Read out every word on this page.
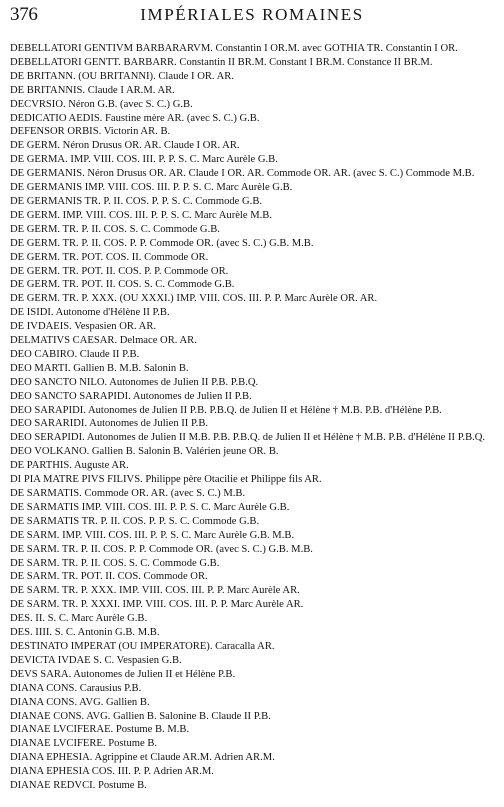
376	IMPÉRIALES ROMAINES

DEBELLATORI GENTIVM BARBARARVM. Constantin I OR.M. avec GOTHIA TR. Constantin I OR.

DEBELLATORI GENTT. BARBARR. Constantin II BR.M. Constant I BR.M. Constance II BR.M.

DE BRITANN. (OU BRITANNI). Claude I OR. AR.

DE BRITANNIS. Claude I AR.M. AR.

DECVRSIO. Néron G.B. (avec S. C.) G.B.

DEDICATIO AEDIS. Faustine mère AR. (avec S. C.) G.B.

DEFENSOR ORBIS. Victorin AR. B.

DE GERM. Néron Drusus OR. AR. Claude I OR. AR.

DE GERMA. IMP. VIII. COS. III. P. P. S. C. Marc Aurèle G.B.

DE GERMANIS. Néron Drusus OR. AR. Claude I OR. AR. Commode OR. AR. (avec S. C.) Commode M.B.

DE GERMANIS IMP. VIII. COS. III. P. P. S. C. Marc Aurèle G.B.

DE GERMANIS TR. P. II. COS. P. P. S. C. Commode G.B.

DE GERM. IMP. VIII. COS. III. P. P. S. C. Marc Aurèle M.B.

DE GERM. TR. P. II. COS. S. C. Commode G.B.

DE GERM. TR. P. II. COS. P. P. Commode OR. (avec S. C.) G.B. M.B.

DE GERM. TR. POT. COS. II. Commode OR.

DE GERM. TR. POT. II. COS. P. P. Commode OR.

DE GERM. TR. POT. II. COS. S. C. Commode G.B.

DE GERM. TR. P. XXX. (OU XXXI.) IMP. VIII. COS. III. P. P. Marc Aurèle OR. AR.

DE ISIDI. Autonome d'Hélène II P.B.

DE IVDAEIS. Vespasien OR. AR.

DELMATIVS CAESAR. Delmace OR. AR.

DEO CABIRO. Claude II P.B.

DEO MARTI. Gallien B. M.B. Salonin B.

DEO SANCTO NILO. Autonomes de Julien II P.B. P.B.Q.

DEO SANCTO SARAPIDI. Autonomes de Julien II P.B.

DEO SARAPIDI. Autonomes de Julien II P.B. P.B.Q. de Julien II et Hélène † M.B. P.B. d'Hélène P.B.

DEO SARARIDI. Autonomes de Julien II P.B.

DEO SERAPIDI. Autonomes de Julien II M.B. P.B. P.B.Q. de Julien II et Hélène † M.B. P.B. d'Hélène II P.B.Q.

DEO VOLKANO. Gallien B. Salonin B. Valérien jeune OR. B.

DE PARTHIS. Auguste AR.

DI PIA MATRE PIVS FILIVS. Philippe père Otacilie et Philippe fils AR.

DE SARMATIS. Commode OR. AR. (avec S. C.) M.B.

DE SARMATIS IMP. VIII. COS. III. P. P. S. C. Marc Aurèle G.B.

DE SARMATIS TR. P. II. COS. P. P. S. C. Commode G.B.

DE SARM. IMP. VIII. COS. III. P. P. S. C. Marc Aurèle G.B. M.B.

DE SARM. TR. P. II. COS. P. P. Commode OR. (avec S. C.) G.B. M.B.

DE SARM. TR. P. II. COS. S. C. Commode G.B.

DE SARM. TR. POT. II. COS. Commode OR.

DE SARM. TR. P. XXX. IMP. VIII. COS. III. P. P. Marc Aurèle AR.

DE SARM. TR. P. XXXI. IMP. VIII. COS. III. P. P. Marc Aurèle AR.

DES. II. S. C. Marc Aurèle G.B.

DES. IIII. S. C. Antonin G.B. M.B.

DESTINATO IMPERAT (OU IMPERATORE). Caracalla AR.

DEVICTA IVDAE S. C. Vespasien G.B.

DEVS SARA. Autonomes de Julien II et Hélène P.B.

DIANA CONS. Carausius P.B.

DIANA CONS. AVG. Gallien B.

DIANAE CONS. AVG. Gallien B. Salonine B. Claude II P.B.

DIANAE LVCIFERAE. Postume B. M.B.

DIANAE LVCIFERE. Postume B.

DIANA EPHESIA. Agrippine et Claude AR.M. Adrien AR.M.

DIANA EPHESIA COS. III. P. P. Adrien AR.M.

DIANAE REDVCI. Postume B.
